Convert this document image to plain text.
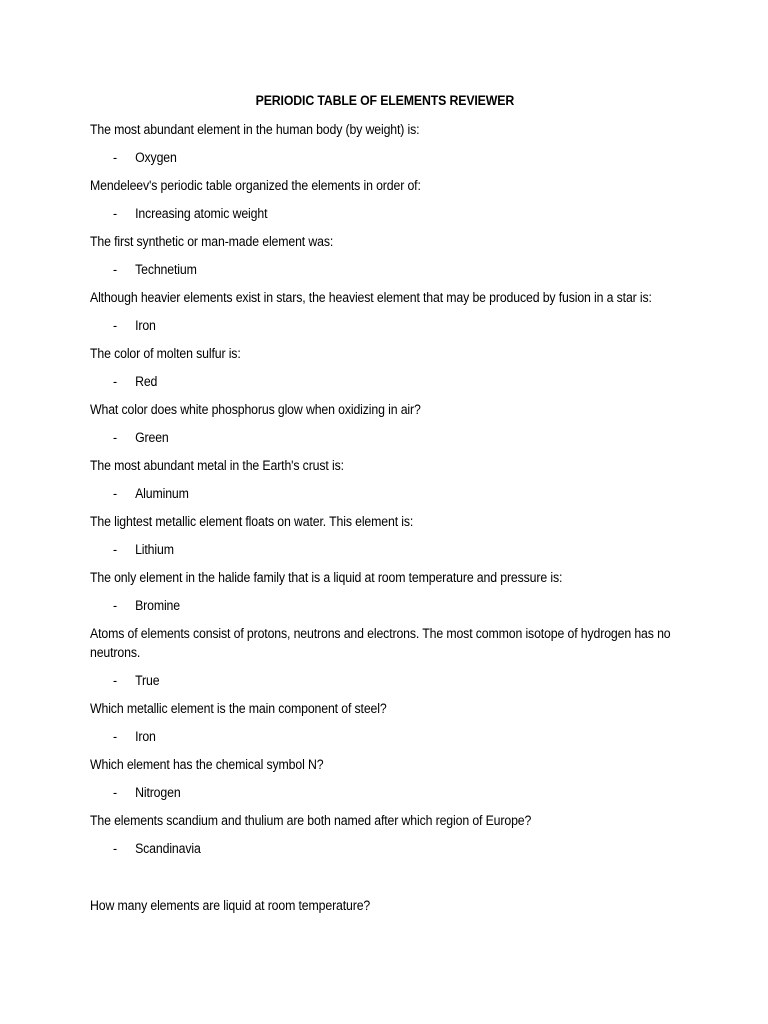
PERIODIC TABLE OF ELEMENTS REVIEWER
The most abundant element in the human body (by weight) is:
- Oxygen
Mendeleev's periodic table organized the elements in order of:
- Increasing atomic weight
The first synthetic or man-made element was:
- Technetium
Although heavier elements exist in stars, the heaviest element that may be produced by fusion in a star is:
- Iron
The color of molten sulfur is:
- Red
What color does white phosphorus glow when oxidizing in air?
- Green
The most abundant metal in the Earth's crust is:
- Aluminum
The lightest metallic element floats on water. This element is:
- Lithium
The only element in the halide family that is a liquid at room temperature and pressure is:
- Bromine
Atoms of elements consist of protons, neutrons and electrons. The most common isotope of hydrogen has no neutrons.
- True
Which metallic element is the main component of steel?
- Iron
Which element has the chemical symbol N?
- Nitrogen
The elements scandium and thulium are both named after which region of Europe?
- Scandinavia
How many elements are liquid at room temperature?
